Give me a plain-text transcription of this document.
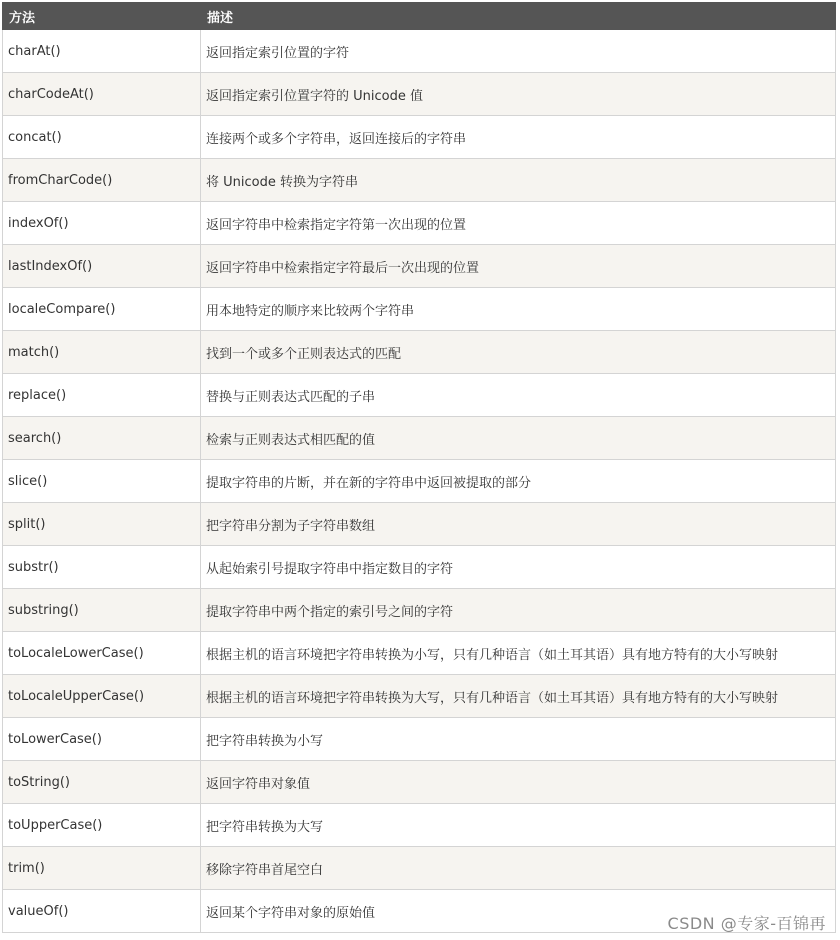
方法	描述
charAt()	返回指定索引位置的字符
charCodeAt()	返回指定索引位置字符的 Unicode 值
concat()	连接两个或多个字符串，返回连接后的字符串
fromCharCode()	将 Unicode 转换为字符串
indexOf()	返回字符串中检索指定字符第一次出现的位置
lastIndexOf()	返回字符串中检索指定字符最后一次出现的位置
localeCompare()	用本地特定的顺序来比较两个字符串
match()	找到一个或多个正则表达式的匹配
replace()	替换与正则表达式匹配的子串
search()	检索与正则表达式相匹配的值
slice()	提取字符串的片断，并在新的字符串中返回被提取的部分
split()	把字符串分割为子字符串数组
substr()	从起始索引号提取字符串中指定数目的字符
substring()	提取字符串中两个指定的索引号之间的字符
toLocaleLowerCase()	根据主机的语言环境把字符串转换为小写，只有几种语言（如土耳其语）具有地方特有的大小写映射
toLocaleUpperCase()	根据主机的语言环境把字符串转换为大写，只有几种语言（如土耳其语）具有地方特有的大小写映射
toLowerCase()	把字符串转换为小写
toString()	返回字符串对象值
toUpperCase()	把字符串转换为大写
trim()	移除字符串首尾空白
valueOf()	返回某个字符串对象的原始值
CSDN @专家-百锦再
